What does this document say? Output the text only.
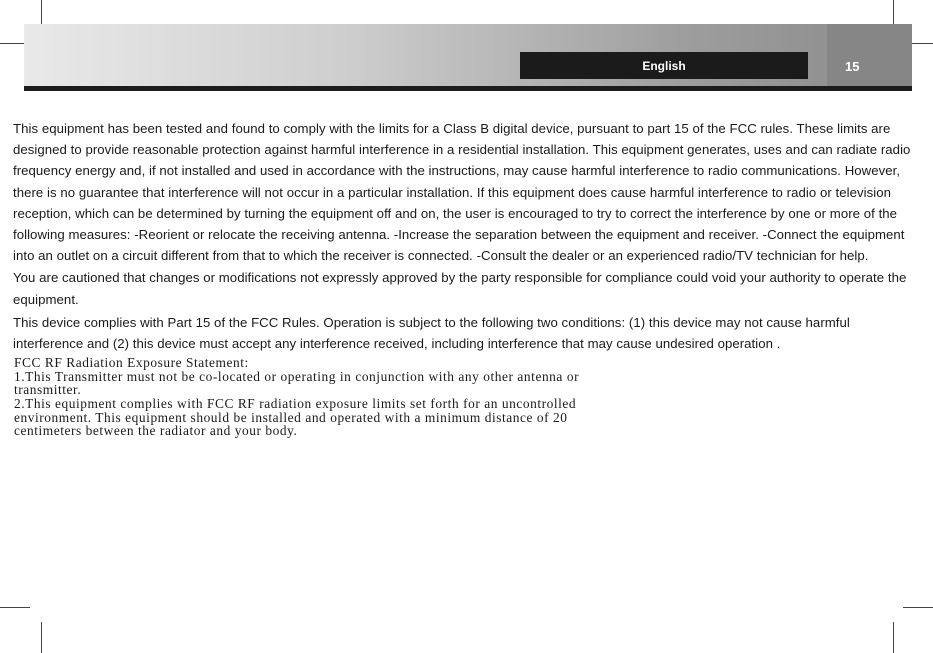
English	15

This equipment has been tested and found to comply with the limits for a Class B digital device, pursuant to part 15 of the FCC rules. These limits are designed to provide reasonable protection against harmful interference in a residential installation. This equipment generates, uses and can radiate radio frequency energy and, if not installed and used in accordance with the instructions, may cause harmful interference to radio communications. However, there is no guarantee that interference will not occur in a particular installation. If this equipment does cause harmful interference to radio or television reception, which can be determined by turning the equipment off and on, the user is encouraged to try to correct the interference by one or more of the following measures: -Reorient or relocate the receiving antenna. -Increase the separation between the equipment and receiver. -Connect the equipment into an outlet on a circuit different from that to which the receiver is connected. -Consult the dealer or an experienced radio/TV technician for help.

You are cautioned that changes or modifications not expressly approved by the party responsible for compliance could void your authority to operate the equipment.

This device complies with Part 15 of the FCC Rules. Operation is subject to the following two conditions: (1) this device may not cause harmful interference and (2) this device must accept any interference received, including interference that may cause undesired operation .

FCC RF Radiation Exposure Statement:
1.This Transmitter must not be co-located or operating in conjunction with any other antenna or
transmitter.
2.This equipment complies with FCC RF radiation exposure limits set forth for an uncontrolled
environment. This equipment should be installed and operated with a minimum distance of 20
centimeters between the radiator and your body.
